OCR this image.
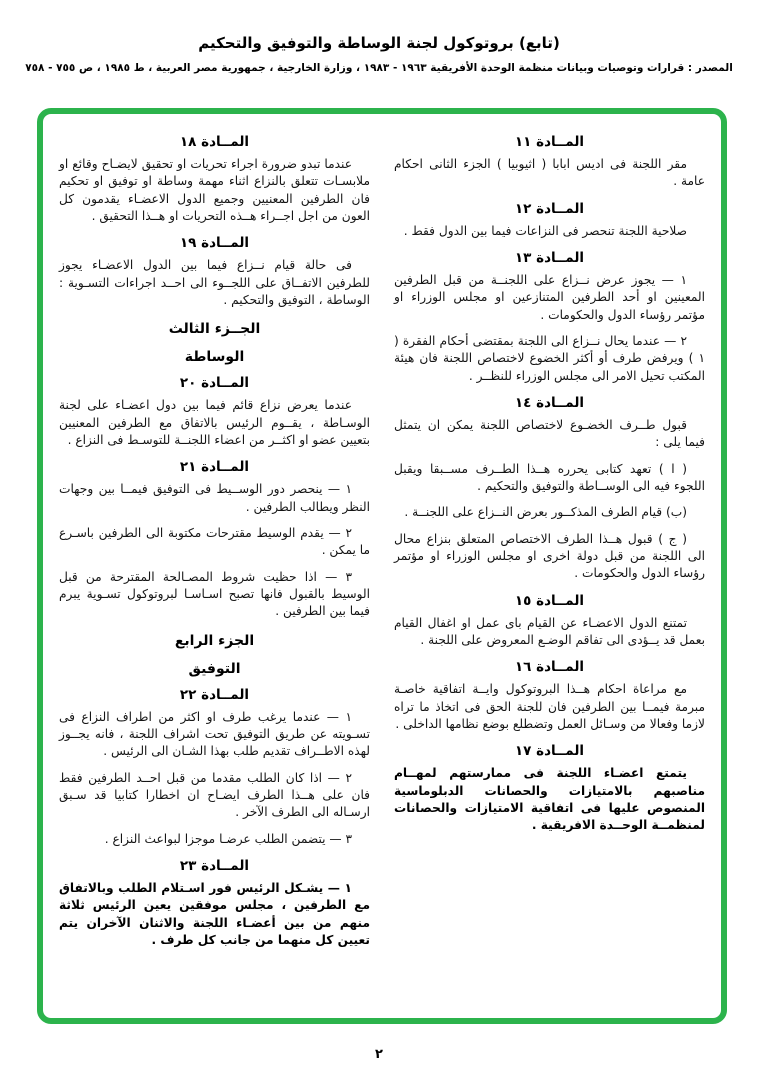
(تابع) بروتوكول لجنة الوساطة والتوفيق والتحكيم
المصدر : قرارات وتوصيات وبيانات منظمة الوحدة الأفريقية ١٩٦٣ - ١٩٨٣ ، وزارة الخارجية ، جمهورية مصر العربية ، ط ١٩٨٥ ، ص ٧٥٥ - ٧٥٨

المــادة ١١

مقر اللجنة فى اديس ابابا ( اثيوبيا ) الجزء الثانى احكام عامة .

المــادة ١٢

صلاحية اللجنة تنحصر فى النزاعات فيما بين الدول فقط .

المــادة ١٣

١ — يجوز عرض نــزاع على اللجنــة من قبل الطرفين المعينين او أحد الطرفين المتنازعين او مجلس الوزراء او مؤتمر رؤساء الدول والحكومات .

٢ — عندما يحال نــزاع الى اللجنة بمقتضى أحكام الفقرة ( ١ ) ويرفض طرف أو أكثر الخضوع لاختصاص اللجنة فان هيئة المكتب تحيل الامر الى مجلس الوزراء للنظــر .

المــادة ١٤

قبول طــرف الخضـوع لاختصاص اللجنة يمكن ان يتمثل فيما يلى :

( ا ) تعهد كتابى يحرره هــذا الطــرف مســبقا ويقبل اللجوء فيه الى الوســاطة والتوفيق والتحكيم .

(ب) قيام الطرف المذكــور بعرض النــزاع على اللجنــة .

( ج ) قبول هــذا الطرف الاختصاص المتعلق بنزاع محال الى اللجنة من قبل دولة اخرى او مجلس الوزراء او مؤتمر رؤساء الدول والحكومات .

المــادة ١٥

تمتنع الدول الاعضـاء عن القيام باى عمل او اغفال القيام بعمل قد يــؤدى الى تفاقم الوضـع المعروض على اللجنة .

المــادة ١٦

مع مراعاة احكام هــذا البروتوكول وايــة اتفاقية خاصـة مبرمة فيمــا بين الطرفين فان للجنة الحق فى اتخاذ ما تراه لازما وفعالا من وسـائل العمل وتضطلع بوضع نظامها الداخلى .

المــادة ١٧

يتمتع اعضـاء اللجنة فى ممارستهم لمهــام مناصبهم بالامتيازات والحصانات الدبلوماسية المنصوص عليها فى اتفاقية الامتيازات والحصانات لمنظمــة الوحــدة الافريقية .

المــادة ١٨

عندما تبدو ضرورة اجراء تحريات او تحقيق لايضـاح وقائع او ملابسـات تتعلق بالنزاع اثناء مهمة وساطة او توفيق او تحكيم فان الطرفين المعنيين وجميع الدول الاعضـاء يقدمون كل العون من اجل اجــراء هــذه التحريات او هــذا التحقيق .

المــادة ١٩

فى حالة قيام نــزاع فيما بين الدول الاعضـاء يجوز للطرفين الاتفــاق على اللجــوء الى احــد اجراءات التسـوية : الوساطة ، التوفيق والتحكيم .

الجــزء الثالث

الوساطة

المــادة ٢٠

عندما يعرض نزاع قائم فيما بين دول اعضـاء على لجنة الوسـاطة ، يقــوم الرئيس بالاتفاق مع الطرفين المعنيين بتعيين عضو او اكثــر من اعضاء اللجنــة للتوسـط فى النزاع .

المــادة ٢١

١ — ينحصر دور الوســيط فى التوفيق فيمــا بين وجهات النظر ويطالب الطرفين .

٢ — يقدم الوسيط مقترحات مكتوبة الى الطرفين باسـرع ما يمكن .

٣ — اذا حظيت شروط المصـالحة المقترحة من قبل الوسيط بالقبول فانها تصبح اسـاسـا لبروتوكول تسـوية يبرم فيما بين الطرفين .

الجزء الرابع

التوفيق

المــادة ٢٢

١ — عندما يرغب طرف او اكثر من اطراف النزاع فى تسـويته عن طريق التوفيق تحت اشراف اللجنة ، فانه يجــوز لهذه الاطــراف تقديم طلب بهذا الشـان الى الرئيس .

٢ — اذا كان الطلب مقدما من قبل احــد الطرفين فقط فان على هــذا الطرف ايضـاح ان اخطارا كتابيا قد سـبق ارسـاله الى الطرف الآخر .

٣ — يتضمن الطلب عرضـا موجزا لبواعث النزاع .

المــادة ٢٣

١ — يشـكل الرئيس فور اسـتلام الطلب وبالاتفاق مع الطرفين ، مجلس موفقين يعين الرئيس ثلاثة منهم من بين أعضـاء اللجنة والاثنان الآخران يتم تعيين كل منهما من جانب كل طرف .

٢
